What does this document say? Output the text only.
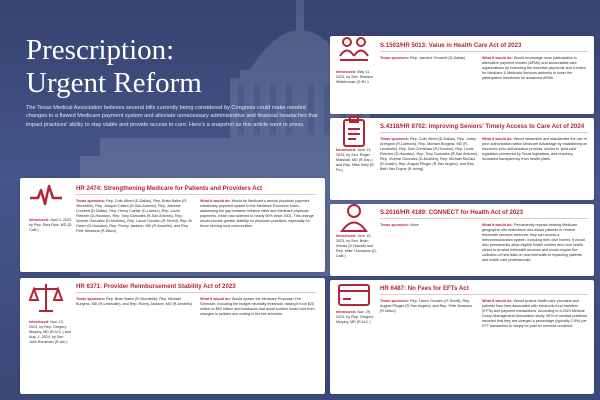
Prescription:
Urgent Reform

The Texas Medical Association believes several bills currently being considered by Congress could make needed changes to a flawed Medicare payment system and alleviate unnecessary administrative and financial headaches that impact practices' ability to stay viable and provide access to care. Here's a snapshot as this article went to press.

HR 2474: Strengthening Medicare for Patients and Providers Act
Introduced: April 3, 2023, by Rep. Raul Ruiz, MD (D-Calif.)
Texas sponsors: Rep. Colin Allred (D-Dallas), Rep. Brian Babin (R-Woodville), Rep. Joaquin Castro (D-San Antonio), Rep. Jasmine Crockett (D-Dallas), Rep. Henry Cuellar (D-Laredo), Rep. Lizzie Fletcher (D-Houston), Rep. Tony Gonzales (R-San Antonio), Rep. Vicente Gonzalez (D-McAllen), Rep. Lance Gooden (R-Terrell), Rep. Al Green (D-Houston), Rep. Ronny Jackson, MD (R-Amarillo), and Rep. Pete Sessions (R-Waco)
What it would do: Would tie Medicare's annual physician payment inflationary payment update to the Medicare Economic Index, addressing the gap between inflation rates and Medicare physician payments, which has widened to nearly 50% since 2001. This change would provide greater stability for physician practices, especially for those serving rural communities.
HR 6371: Provider Reimbursement Stability Act of 2023
Introduced: Nov. 13, 2023, by Rep. Gregory Murphy, MD (R-N.C.) and Aug. 1, 2024, by Sen. John Boozman (R-Ark.)
Texas sponsors: Rep. Brian Babin (R-Woodville), Rep. Michael Burgess, MD (R-Lewisville), and Rep. Ronny Jackson, MD (R-Amarillo)
What it would do: Would update the Medicare Physician Fee Schedule, including the budget neutrality threshold, raising it from $20 million to $53 million and lookbacks that avoid sudden broad cuts from changes in policies and coding in the fee schedule.
S.1503/HR 5013: Value in Health Care Act of 2023
Introduced: May 11, 2023, by Sen. Sheldon Whitehouse (D-R.I.)
Texas sponsors: Rep. Jasmine Crockett (D-Dallas)	What it would do: Would encourage more participation in alternative payment models (APMs) and accountable care organizations by extending the incentive payments and Centers for Medicare & Medicaid Services authority to lower the participation thresholds for advanced APMs.
S.4318/HR 8702: Improving Seniors' Timely Access to Care Act of 2024
Introduced: June 13, 2024, by Sen. Roger Marshall, MD (R-Kan.) and Rep. Mike Kelly (R-Pa.)
Texas sponsors: Rep. Colin Allred (D-Dallas), Rep. Jodey Arrington (R-Lubbock), Rep. Michael Burgess, MD (R-Lewisville), Rep. Dan Crenshaw (R-Houston), Rep. Lizzie Fletcher (D-Houston), Rep. Tony Gonzales (R-San Antonio), Rep. Vicente Gonzalez (D-McAllen), Rep. Michael McCaul (R-Austin), Rep. August Pfluger (R-San Angelo), and Rep. Beth Van Duyne (R-Irving)
What it would do: Would streamline and standardize the use of prior authorization within Medicare Advantage by establishing an electronic prior authorization process, similar to 'gold card' legislation pioneered by Texas legislators, and requiring increased transparency from health plans.
S.2016/HR 4189: CONNECT for Health Act of 2023
Introduced: June 15, 2023, by Sen. Brian Schatz (D-Hawaii) and Rep. Mike Thompson (D-Calif.)
Texas sponsors: None	What it would do: Permanently repeals existing Medicare geographic site restrictions and allows patients to receive telehealth services wherever they can access a telecommunication system, including their own homes; it would also permanently allow eligible health centers and rural health clinics to provide telehealth services and would require the collection of new data on how telehealth is impacting patients and health care professionals.
HR 6487: No Fees for EFTs Act
Introduced: Nov. 29, 2023, by Rep. Gregory Murphy, MD (R-N.C.)
Texas sponsors: Rep. Lance Gooden (R-Terrell), Rep. August Pfluger (R-San Angelo), and Rep. Pete Sessions (R-Waco)
What it would do: Would protect health care providers and patients from fees associated with electronic fund transfers (EFTs) and payment transactions. According to a 2023 Medical Group Management Association study, 90% of medical practices reported that they are charged a percentage (typically 2-5%) per EFT transaction to simply be paid for services rendered.
